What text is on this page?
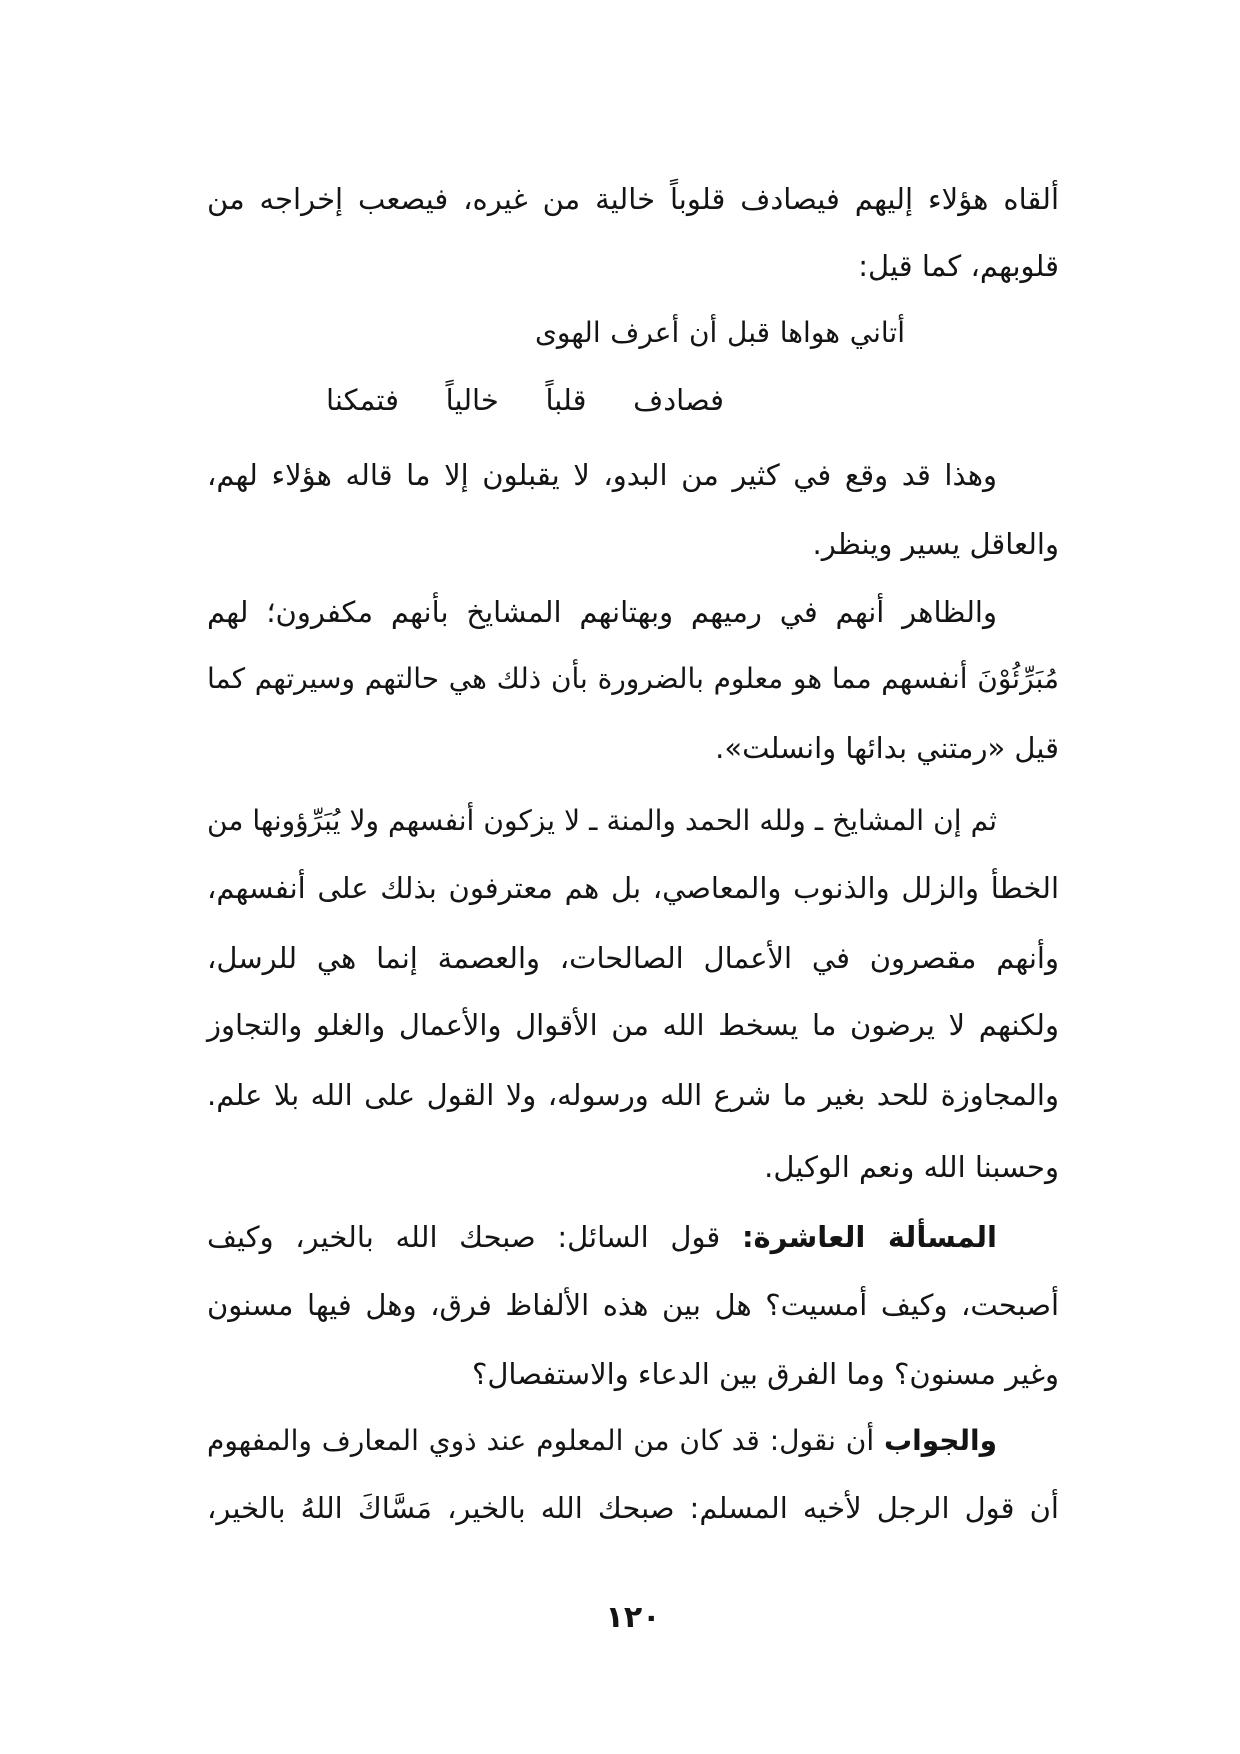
ألقاه هؤلاء إليهم فيصادف قلوباً خالية من غيره، فيصعب إخراجه من
قلوبهم، كما قيل:
أتاني هواها قبل أن أعرف الهوى
فصادف قلباً خالياً فتمكنا
وهذا قد وقع في كثير من البدو، لا يقبلون إلا ما قاله هؤلاء لهم،
والعاقل يسير وينظر.
والظاهر أنهم في رميهم وبهتانهم المشايخ بأنهم مكفرون؛ لهم
مُبَرِّئُوْنَ أنفسهم مما هو معلوم بالضرورة بأن ذلك هي حالتهم وسيرتهم كما
قيل «رمتني بدائها وانسلت».
ثم إن المشايخ ـ ولله الحمد والمنة ـ لا يزكون أنفسهم ولا يُبَرِّؤونها من
الخطأ والزلل والذنوب والمعاصي، بل هم معترفون بذلك على أنفسهم،
وأنهم مقصرون في الأعمال الصالحات، والعصمة إنما هي للرسل،
ولكنهم لا يرضون ما يسخط الله من الأقوال والأعمال والغلو والتجاوز
والمجاوزة للحد بغير ما شرع الله ورسوله، ولا القول على الله بلا علم.
وحسبنا الله ونعم الوكيل.
المسألة العاشرة: قول السائل: صبحك الله بالخير، وكيف
أصبحت، وكيف أمسيت؟ هل بين هذه الألفاظ فرق، وهل فيها مسنون
وغير مسنون؟ وما الفرق بين الدعاء والاستفصال؟
والجواب أن نقول: قد كان من المعلوم عند ذوي المعارف والمفهوم
أن قول الرجل لأخيه المسلم: صبحك الله بالخير، مَسَّاكَ اللهُ بالخير،
١٢٠
